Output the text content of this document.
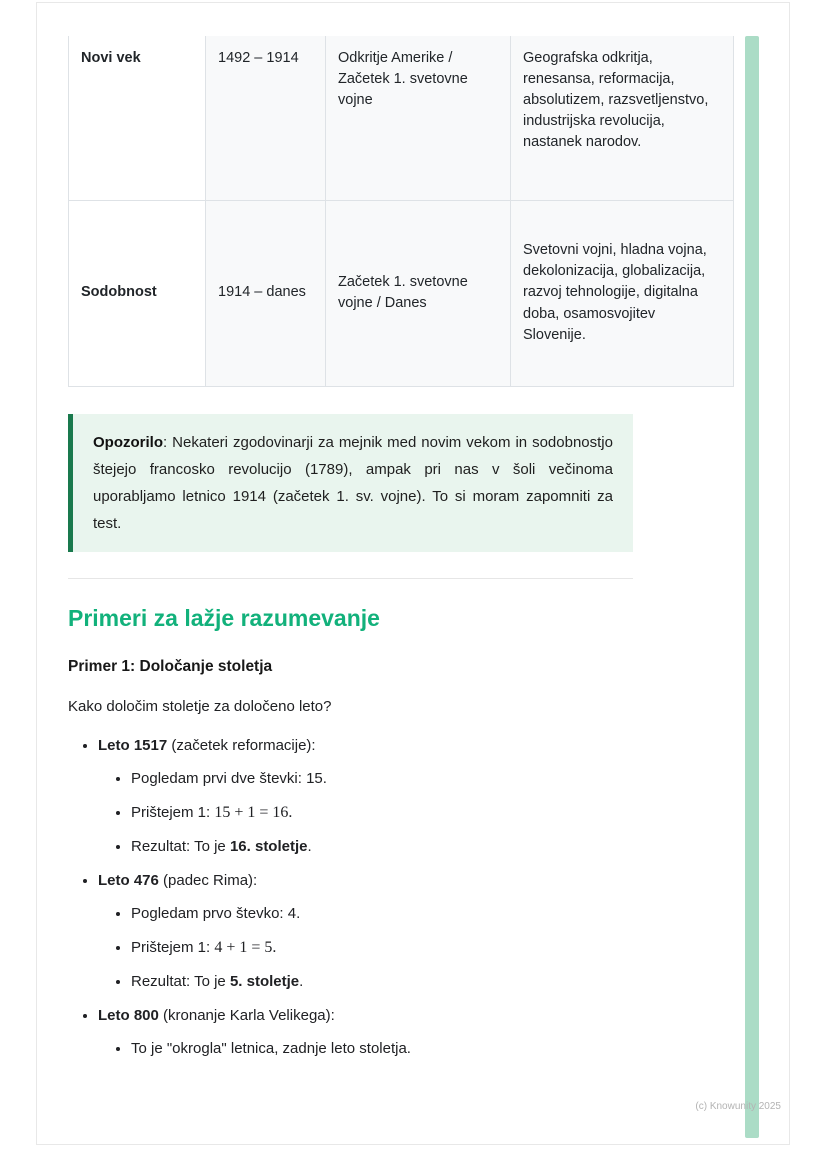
Novi vek	1492 – 1914	Odkritje Amerike / Začetek 1. svetovne vojne	Geografska odkritja, renesansa, reformacija, absolutizem, razsvetljenstvo, industrijska revolucija, nastanek narodov.
Sodobnost	1914 – danes	Začetek 1. svetovne vojne / Danes	Svetovni vojni, hladna vojna, dekolonizacija, globalizacija, razvoj tehnologije, digitalna doba, osamosvojitev Slovenije.
Opozorilo: Nekateri zgodovinarji za mejnik med novim vekom in sodobnostjo štejejo francosko revolucijo (1789), ampak pri nas v šoli večinoma uporabljamo letnico 1914 (začetek 1. sv. vojne). To si moram zapomniti za test.
Primeri za lažje razumevanje
Primer 1: Določanje stoletja

Kako določim stoletje za določeno leto?

• Leto 1517 (začetek reformacije):
• Pogledam prvi dve števki: 15.
• Prištejem 1: 15 + 1 = 16.
• Rezultat: To je 16. stoletje.
• Leto 476 (padec Rima):
• Pogledam prvo števko: 4.
• Prištejem 1: 4 + 1 = 5.
• Rezultat: To je 5. stoletje.
• Leto 800 (kronanje Karla Velikega):
• To je "okrogla" letnica, zadnje leto stoletja.
(c) Knowunity 2025
